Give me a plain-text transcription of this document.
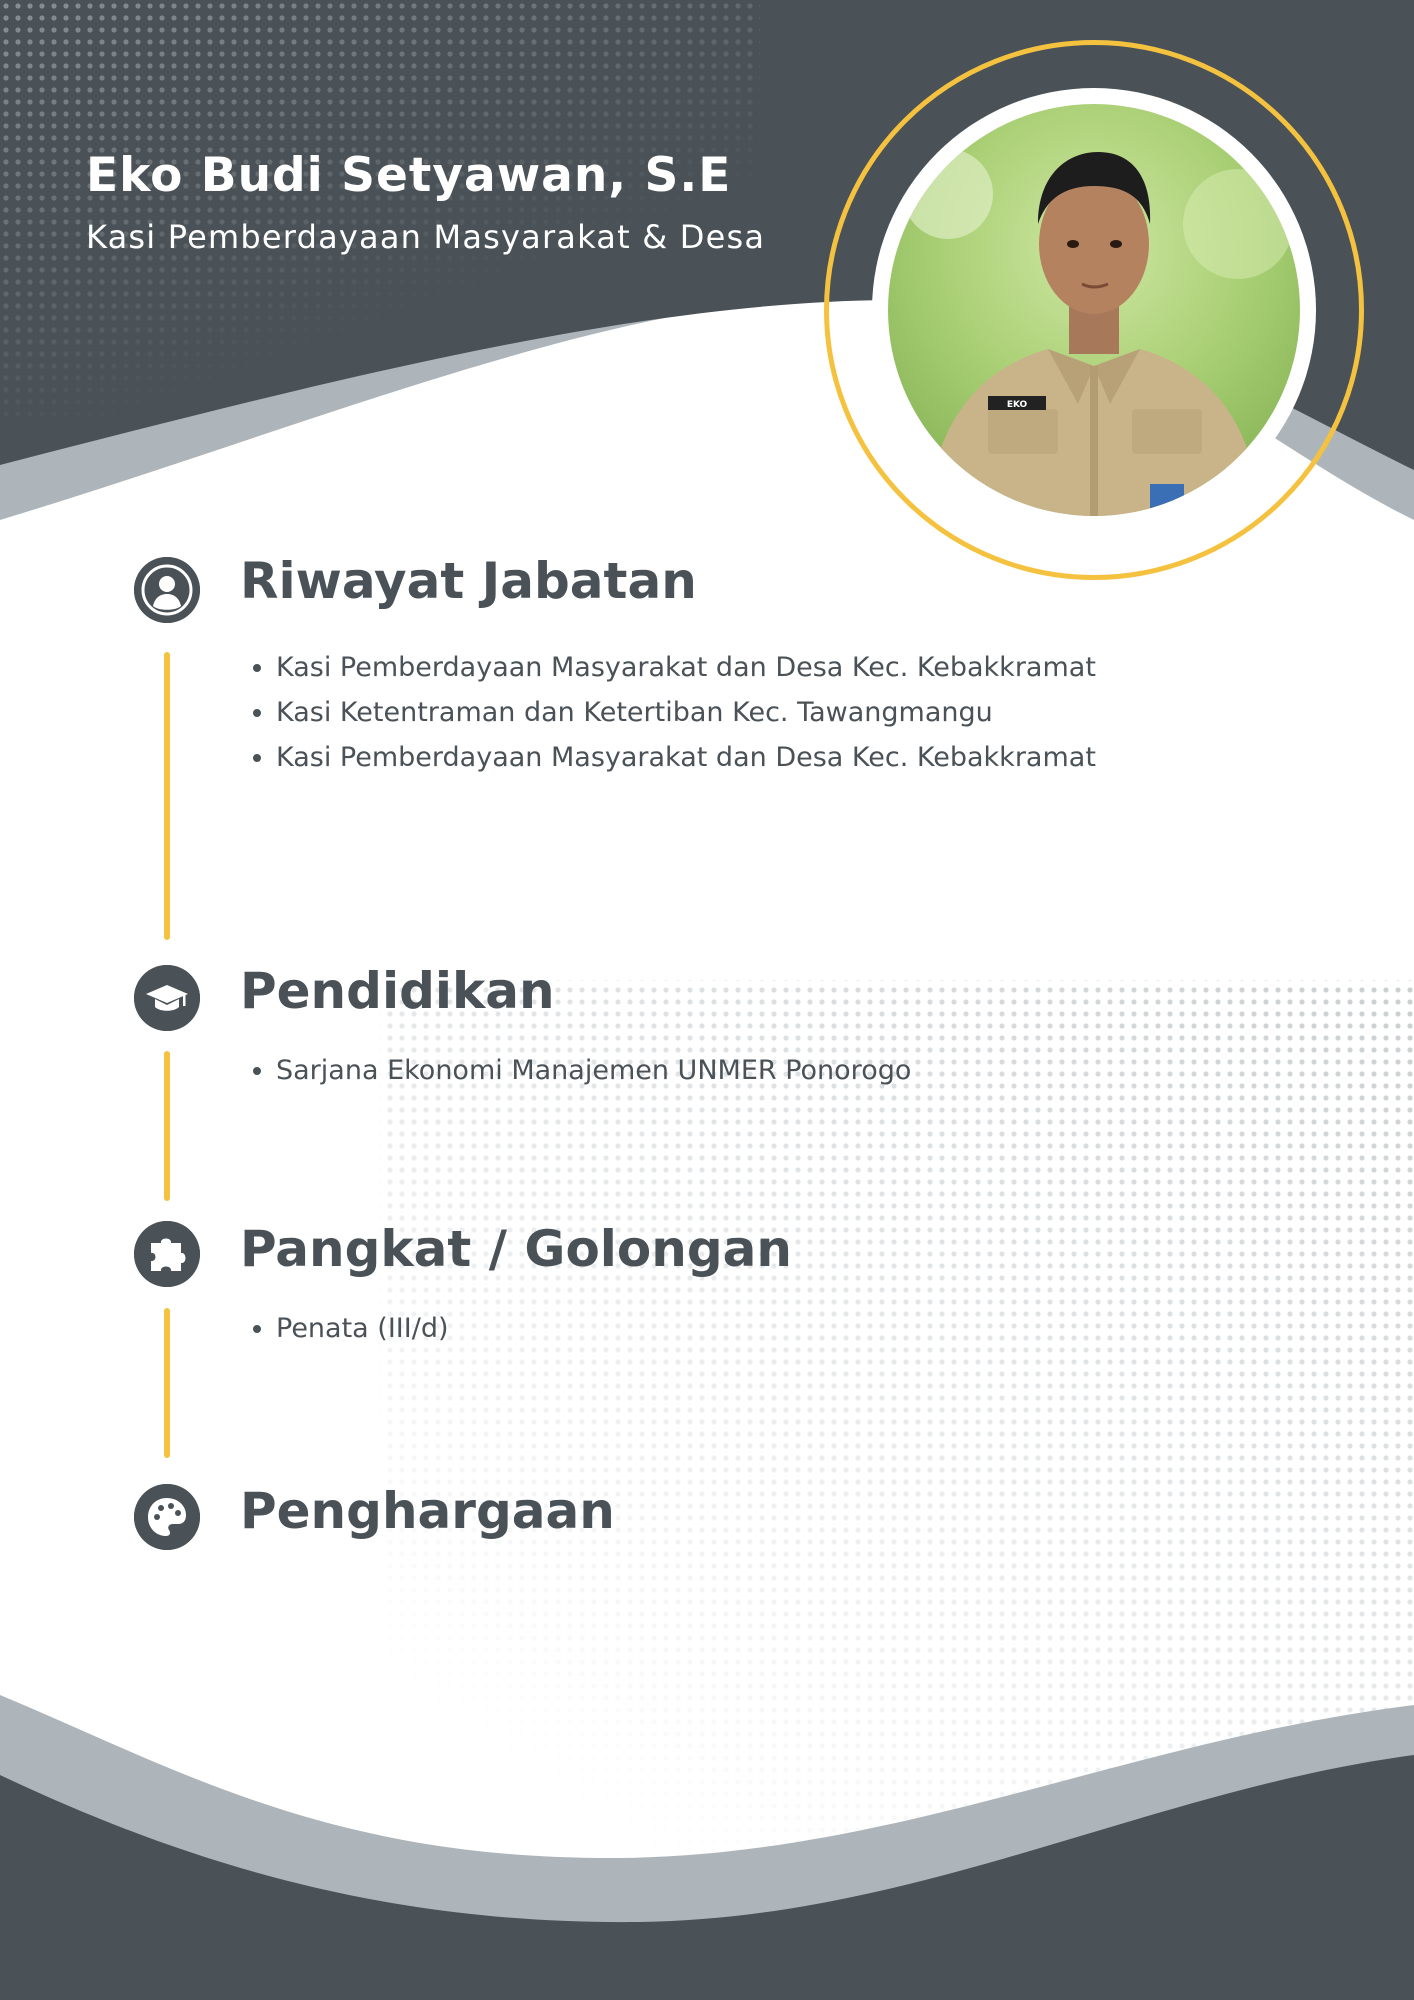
Eko Budi Setyawan, S.E
Kasi Pemberdayaan Masyarakat & Desa
EKO
Riwayat Jabatan
• Kasi Pemberdayaan Masyarakat dan Desa Kec. Kebakkramat
• Kasi Ketentraman dan Ketertiban Kec. Tawangmangu
• Kasi Pemberdayaan Masyarakat dan Desa Kec. Kebakkramat
Pendidikan
• Sarjana Ekonomi Manajemen UNMER Ponorogo
Pangkat / Golongan
• Penata (III/d)
Penghargaan
